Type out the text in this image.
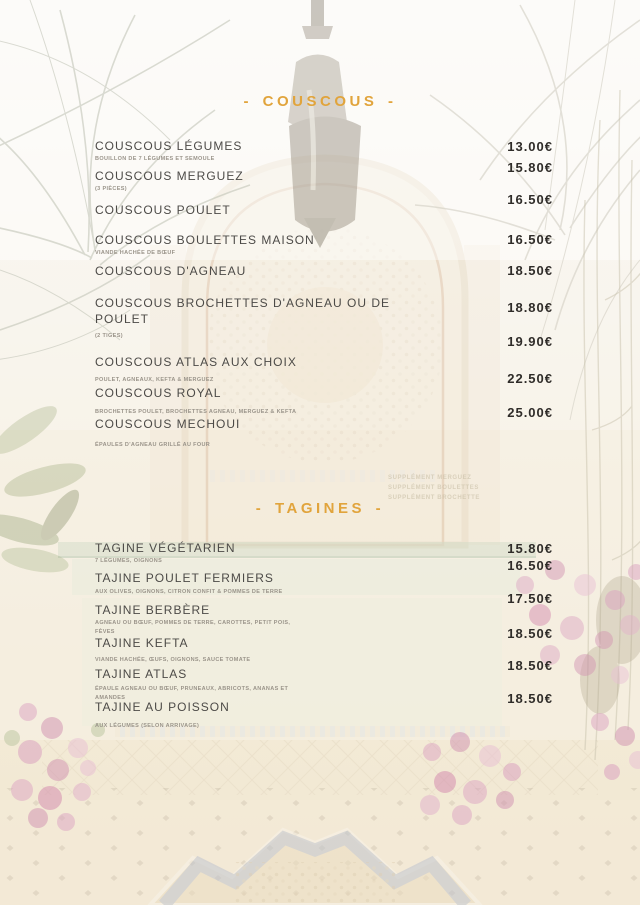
- COUSCOUS -
COUSCOUS LÉGUMES
BOUILLON DE 7 LÉGUMES ET SEMOULE
13.00€
COUSCOUS MERGUEZ
(3 PIÈCES)
15.80€
COUSCOUS POULET
16.50€
COUSCOUS BOULETTES MAISON
VIANDE HACHÉE DE BŒUF
16.50€
COUSCOUS D'AGNEAU	18.50€
COUSCOUS BROCHETTES D'AGNEAU OU DE POULET
(2 TIGES)
18.80€
COUSCOUS ATLAS AUX CHOIX
POULET, AGNEAUX, KEFTA & MERGUEZ
19.90€
COUSCOUS ROYAL
BROCHETTES POULET, BROCHETTES AGNEAU, MERGUEZ & KEFTA
22.50€
COUSCOUS MECHOUI
ÉPAULES D'AGNEAU GRILLÉ AU FOUR
25.00€
SUPPLÉMENT MERGUEZ
SUPPLÉMENT BOULETTES
SUPPLÉMENT BROCHETTE
- TAGINES -
TAGINE VÉGÉTARIEN
7 LÉGUMES, OIGNONS
15.80€
TAJINE POULET FERMIERS
AUX OLIVES, OIGNONS, CITRON CONFIT & POMMES DE TERRE
16.50€
TAJINE BERBÈRE
AGNEAU OU BŒUF, POMMES DE TERRE, CAROTTES, PETIT POIS, FÈVES
17.50€
TAJINE KEFTA
VIANDE HACHÉE, ŒUFS, OIGNONS, SAUCE TOMATE
18.50€
TAJINE ATLAS
ÉPAULE AGNEAU OU BŒUF, PRUNEAUX, ABRICOTS, ANANAS ET AMANDES
18.50€
TAJINE AU POISSON
AUX LÉGUMES (SELON ARRIVAGE)
18.50€
